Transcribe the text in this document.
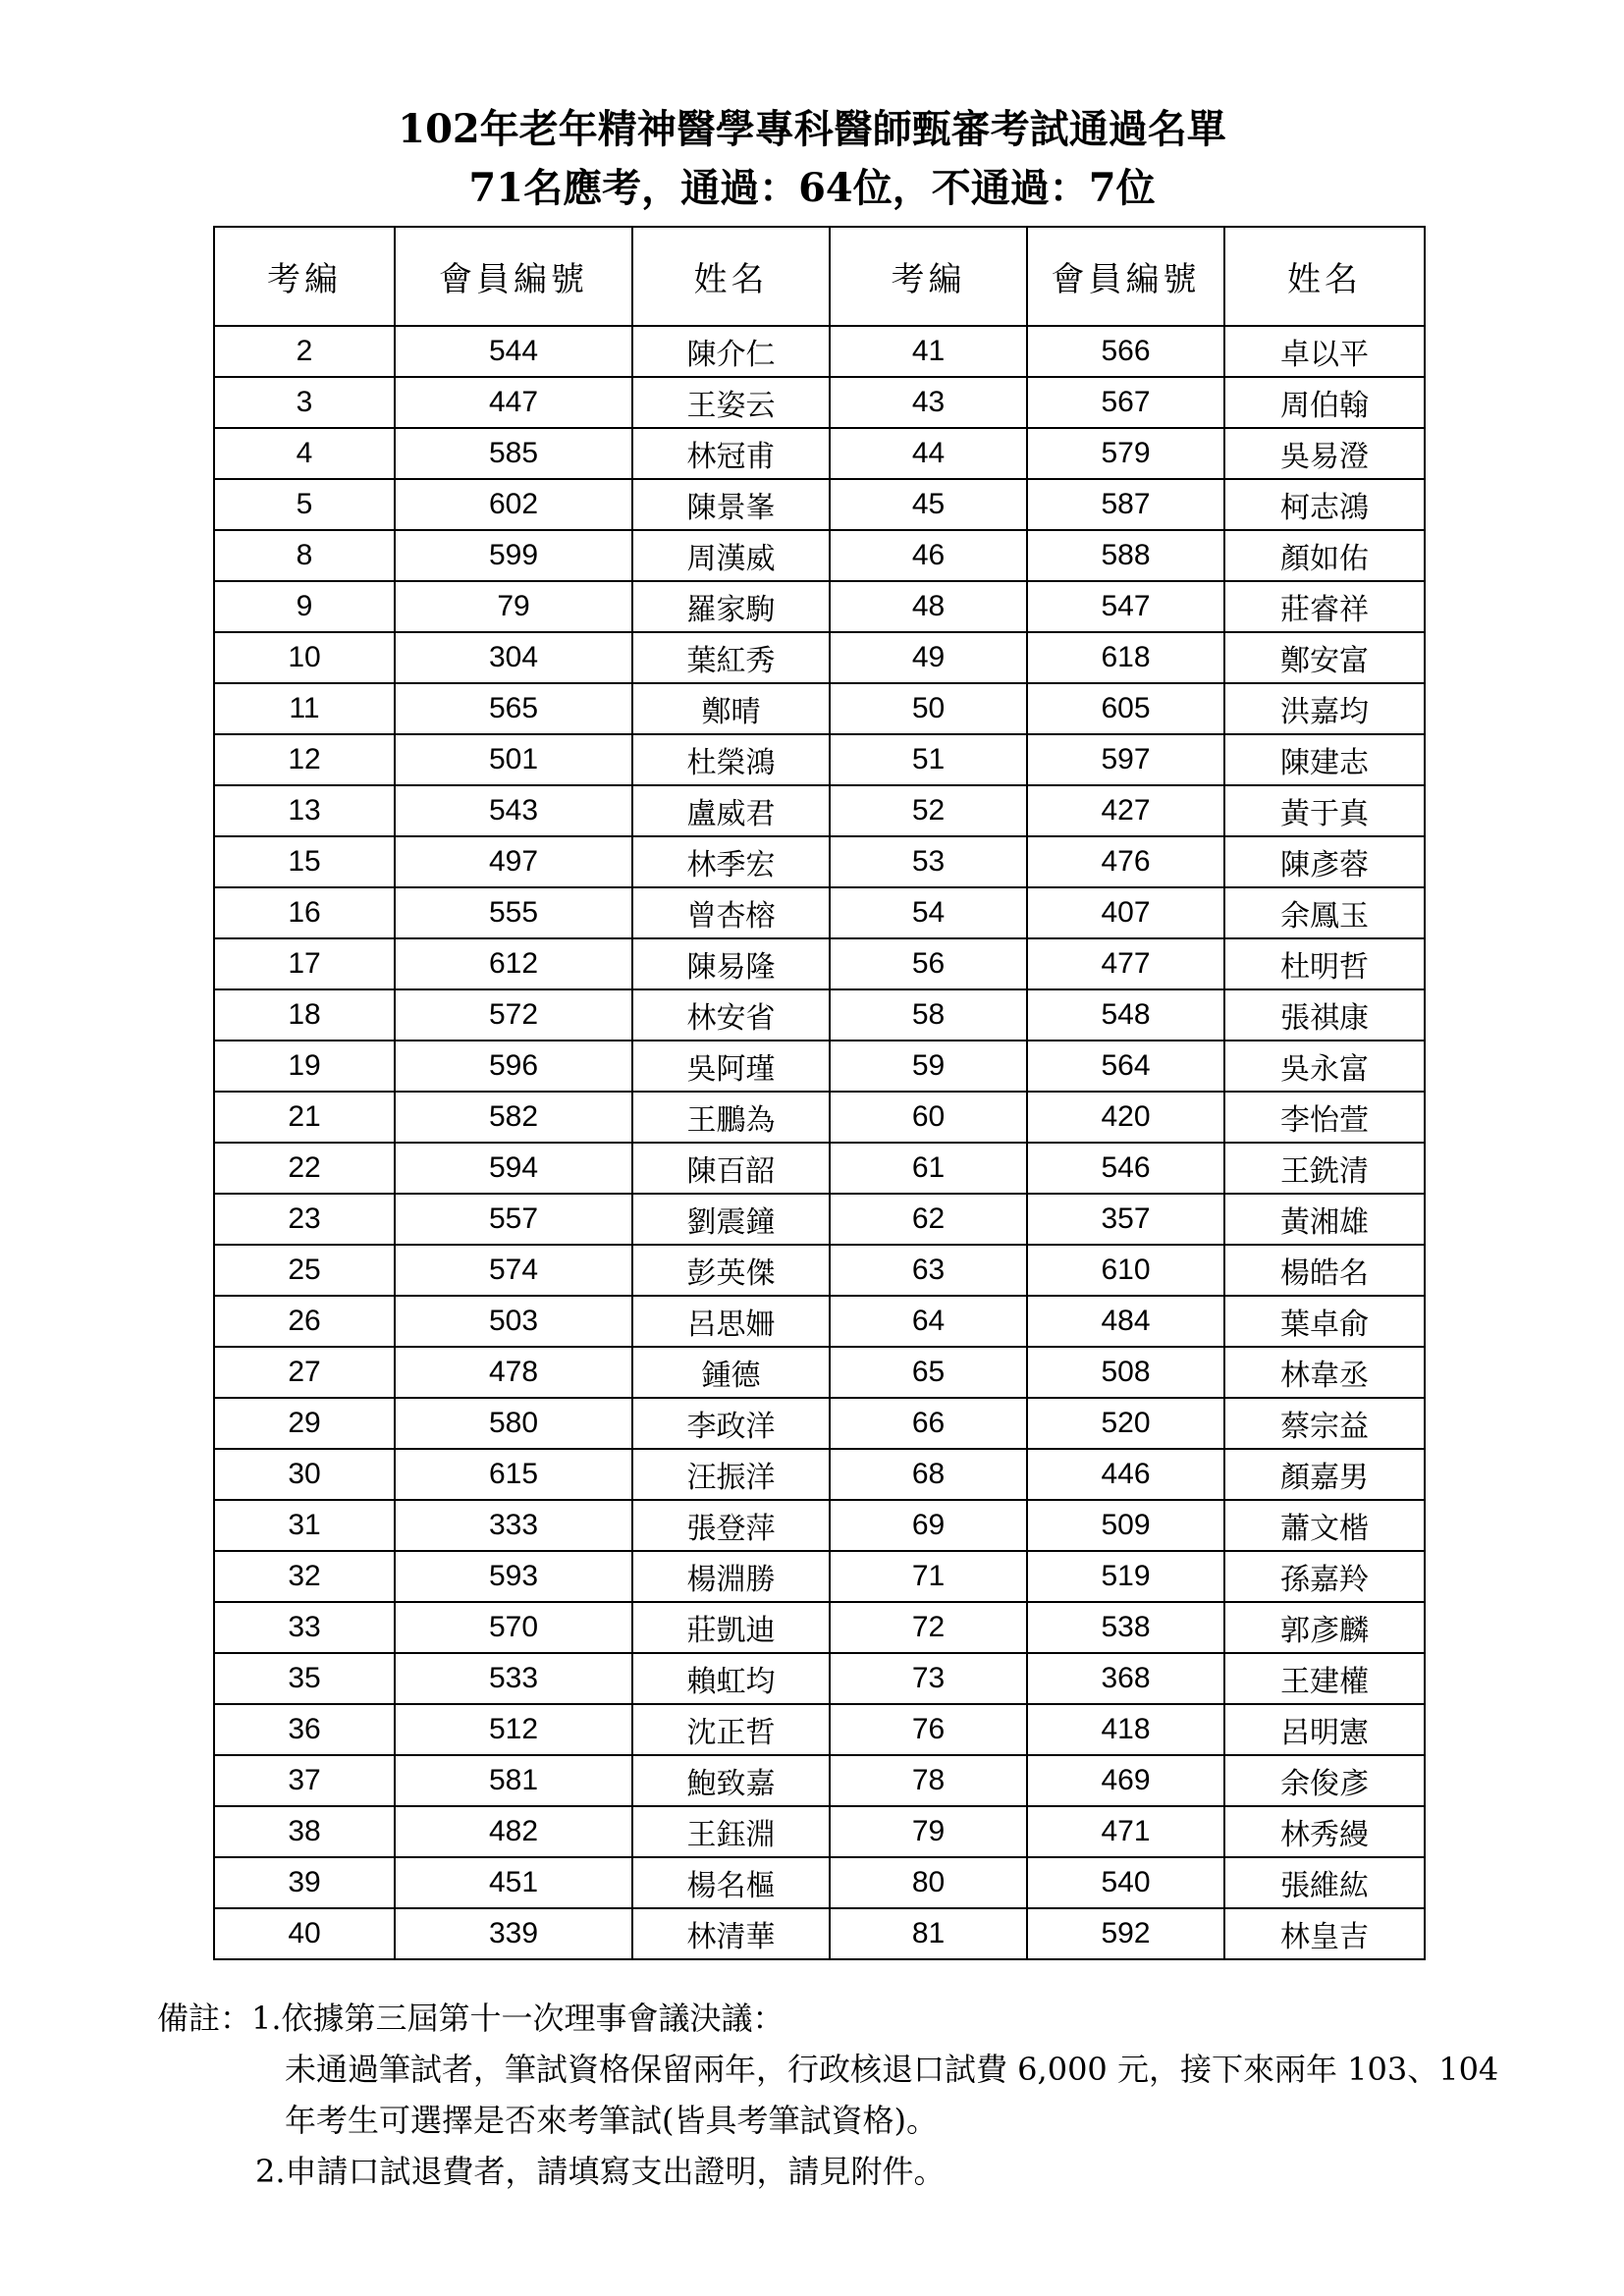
102年老年精神醫學專科醫師甄審考試通過名單
71名應考，通過：64位，不通過：7位
考編	會員編號	姓名	考編	會員編號	姓名
2	544	陳介仁	41	566	卓以平
3	447	王姿云	43	567	周伯翰
4	585	林冠甫	44	579	吳易澄
5	602	陳景峯	45	587	柯志鴻
8	599	周漢威	46	588	顏如佑
9	79	羅家駒	48	547	莊睿祥
10	304	葉紅秀	49	618	鄭安富
11	565	鄭晴	50	605	洪嘉均
12	501	杜榮鴻	51	597	陳建志
13	543	盧威君	52	427	黃于真
15	497	林季宏	53	476	陳彥蓉
16	555	曾杏榕	54	407	余鳳玉
17	612	陳易隆	56	477	杜明哲
18	572	林安省	58	548	張祺康
19	596	吳阿瑾	59	564	吳永富
21	582	王鵬為	60	420	李怡萱
22	594	陳百韶	61	546	王銑清
23	557	劉震鐘	62	357	黃湘雄
25	574	彭英傑	63	610	楊皓名
26	503	呂思姍	64	484	葉卓俞
27	478	鍾德	65	508	林韋丞
29	580	李政洋	66	520	蔡宗益
30	615	汪振洋	68	446	顏嘉男
31	333	張登萍	69	509	蕭文楷
32	593	楊淵勝	71	519	孫嘉羚
33	570	莊凱迪	72	538	郭彥麟
35	533	賴虹均	73	368	王建權
36	512	沈正哲	76	418	呂明憲
37	581	鮑致嘉	78	469	余俊彥
38	482	王鈺淵	79	471	林秀縵
39	451	楊名樞	80	540	張維紘
40	339	林清華	81	592	林皇吉
備註：1.依據第三屆第十一次理事會議決議：
未通過筆試者，筆試資格保留兩年，行政核退口試費 6,000 元，接下來兩年 103、104
年考生可選擇是否來考筆試(皆具考筆試資格)。
2.申請口試退費者，請填寫支出證明，請見附件。
